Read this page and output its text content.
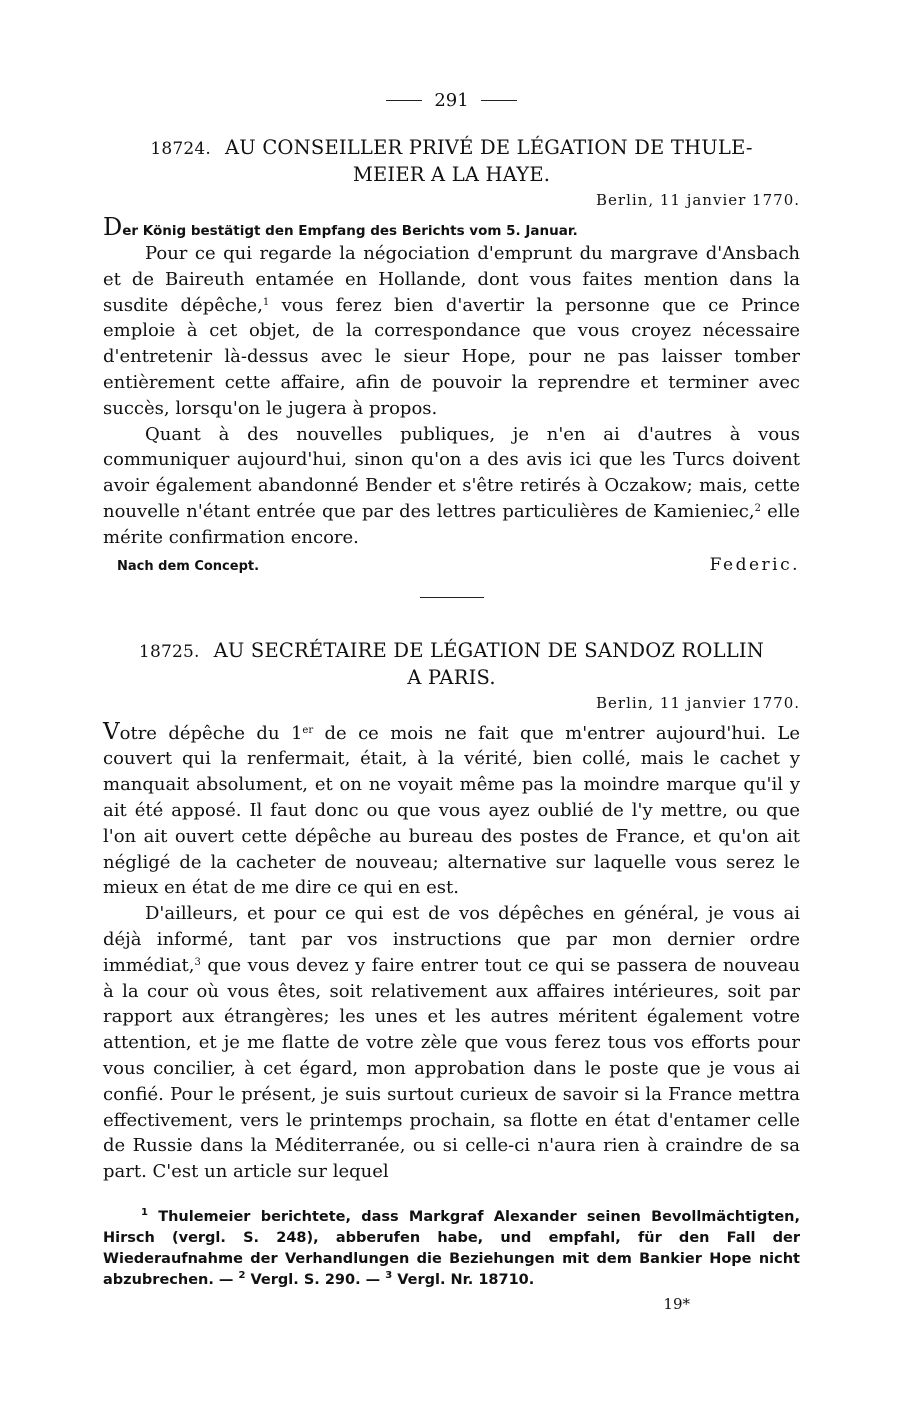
291
18724. AU CONSEILLER PRIVÉ DE LÉGATION DE THULE-
MEIER A LA HAYE.
Berlin, 11 janvier 1770.
Der König bestätigt den Empfang des Berichts vom 5. Januar.

Pour ce qui regarde la négociation d'emprunt du margrave d'Ansbach et de Baireuth entamée en Hollande, dont vous faites mention dans la susdite dépêche,$^1$ vous ferez bien d'avertir la personne que ce Prince emploie à cet objet, de la correspondance que vous croyez nécessaire d'entretenir là-dessus avec le sieur Hope, pour ne pas laisser tomber entièrement cette affaire, afin de pouvoir la reprendre et terminer avec succès, lorsqu'on le jugera à propos.

Quant à des nouvelles publiques, je n'en ai d'autres à vous communiquer aujourd'hui, sinon qu'on a des avis ici que les Turcs doivent avoir également abandonné Bender et s'être retirés à Oczakow; mais, cette nouvelle n'étant entrée que par des lettres particulières de Kamieniec,$^2$ elle mérite confirmation encore.

Nach dem Concept.	Federic.
18725. AU SECRÉTAIRE DE LÉGATION DE SANDOZ ROLLIN
A PARIS.
Berlin, 11 janvier 1770.

Votre dépêche du 1er de ce mois ne fait que m'entrer aujourd'hui. Le couvert qui la renfermait, était, à la vérité, bien collé, mais le cachet y manquait absolument, et on ne voyait même pas la moindre marque qu'il y ait été apposé. Il faut donc ou que vous ayez oublié de l'y mettre, ou que l'on ait ouvert cette dépêche au bureau des postes de France, et qu'on ait négligé de la cacheter de nouveau; alternative sur laquelle vous serez le mieux en état de me dire ce qui en est.

D'ailleurs, et pour ce qui est de vos dépêches en général, je vous ai déjà informé, tant par vos instructions que par mon dernier ordre immédiat,$^3$ que vous devez y faire entrer tout ce qui se passera de nouveau à la cour où vous êtes, soit relativement aux affaires intérieures, soit par rapport aux étrangères; les unes et les autres méritent également votre attention, et je me flatte de votre zèle que vous ferez tous vos efforts pour vous concilier, à cet égard, mon approbation dans le poste que je vous ai confié. Pour le présent, je suis surtout curieux de savoir si la France mettra effectivement, vers le printemps prochain, sa flotte en état d'entamer celle de Russie dans la Méditerranée, ou si celle-ci n'aura rien à craindre de sa part. C'est un article sur lequel

$^1$ Thulemeier berichtete, dass Markgraf Alexander seinen Bevollmächtigten, Hirsch (vergl. S. 248), abberufen habe, und empfahl, für den Fall der Wiederaufnahme der Verhandlungen die Beziehungen mit dem Bankier Hope nicht abzubrechen. — $^2$ Vergl. S. 290. — $^3$ Vergl. Nr. 18710.

19*
